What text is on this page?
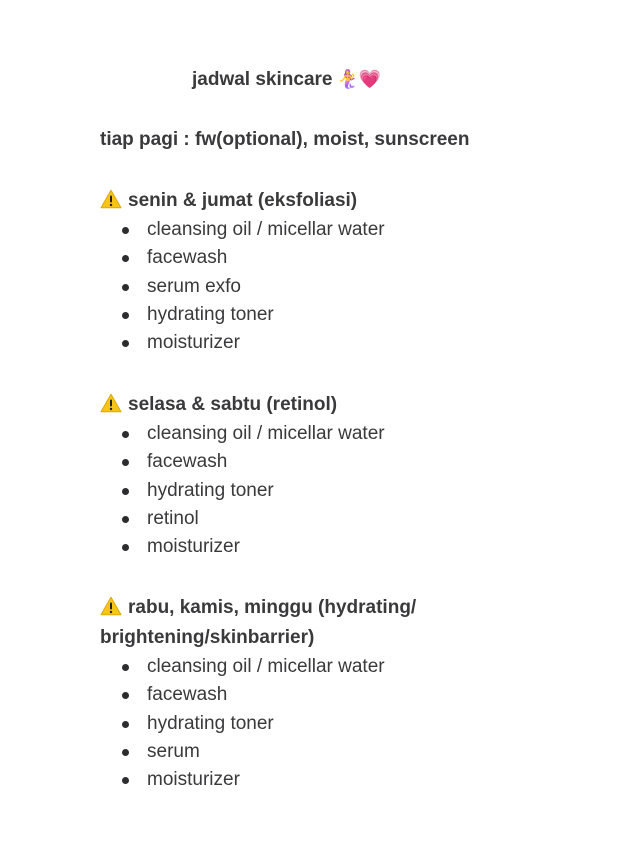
jadwal skincare 🧜‍♀️💗
tiap pagi : fw(optional), moist, sunscreen
senin & jumat (eksfoliasi)
cleansing oil / micellar water
facewash
serum exfo
hydrating toner
moisturizer
selasa & sabtu (retinol)
cleansing oil / micellar water
facewash
hydrating toner
retinol
moisturizer
rabu, kamis, minggu (hydrating/
brightening/skinbarrier)
cleansing oil / micellar water
facewash
hydrating toner
serum
moisturizer
